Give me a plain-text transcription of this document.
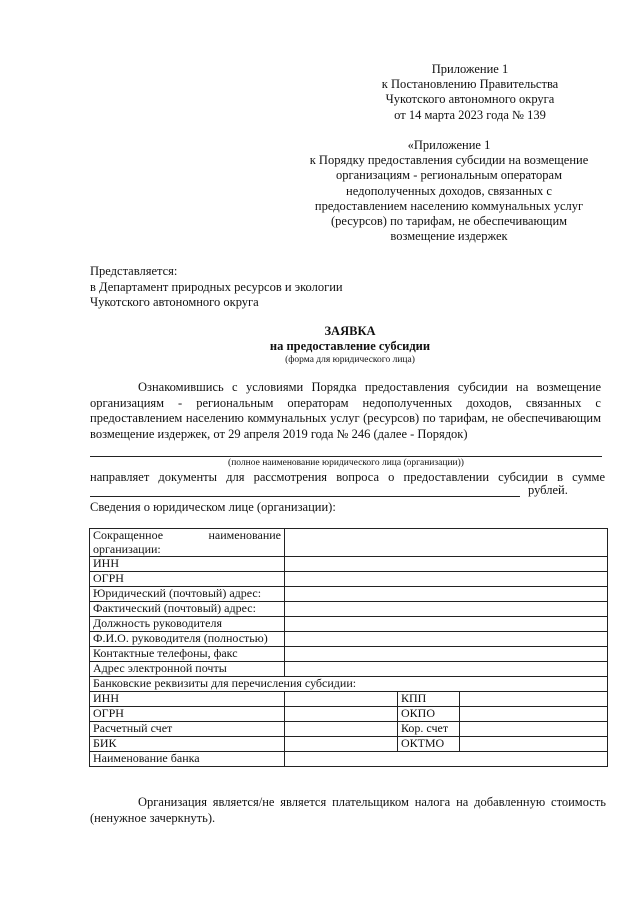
Приложение 1
к Постановлению Правительства
Чукотского автономного округа
от 14 марта 2023 года № 139
«Приложение 1
к Порядку предоставления субсидии на возмещение
организациям - региональным операторам
недополученных доходов, связанных с
предоставлением населению коммунальных услуг
(ресурсов) по тарифам, не обеспечивающим
возмещение издержек
Представляется:
в Департамент природных ресурсов и экологии
Чукотского автономного округа
ЗАЯВКА
на предоставление субсидии
(форма для юридического лица)
Ознакомившись с условиями Порядка предоставления субсидии на возмещение организациям - региональным операторам недополученных доходов, связанных с предоставлением населению коммунальных услуг (ресурсов) по тарифам, не обеспечивающим возмещение издержек, от 29 апреля 2019 года № 246 (далее - Порядок)
(полное наименование юридического лица (организации))
направляет документы для рассмотрения вопроса о предоставлении субсидии в сумме
рублей.
Сведения о юридическом лице (организации):
Сокращенное наименование организации:			
ИНН			
ОГРН			
Юридический (почтовый) адрес:			
Фактический (почтовый) адрес:			
Должность руководителя			
Ф.И.О. руководителя (полностью)			
Контактные телефоны, факс			
Адрес электронной почты			
Банковские реквизиты для перечисления субсидии:			
ИНН		КПП	
ОГРН		ОКПО	
Расчетный счет		Кор. счет	
БИК		ОКТМО	
Наименование банка			
Организация является/не является плательщиком налога на добавленную стоимость (ненужное зачеркнуть).
